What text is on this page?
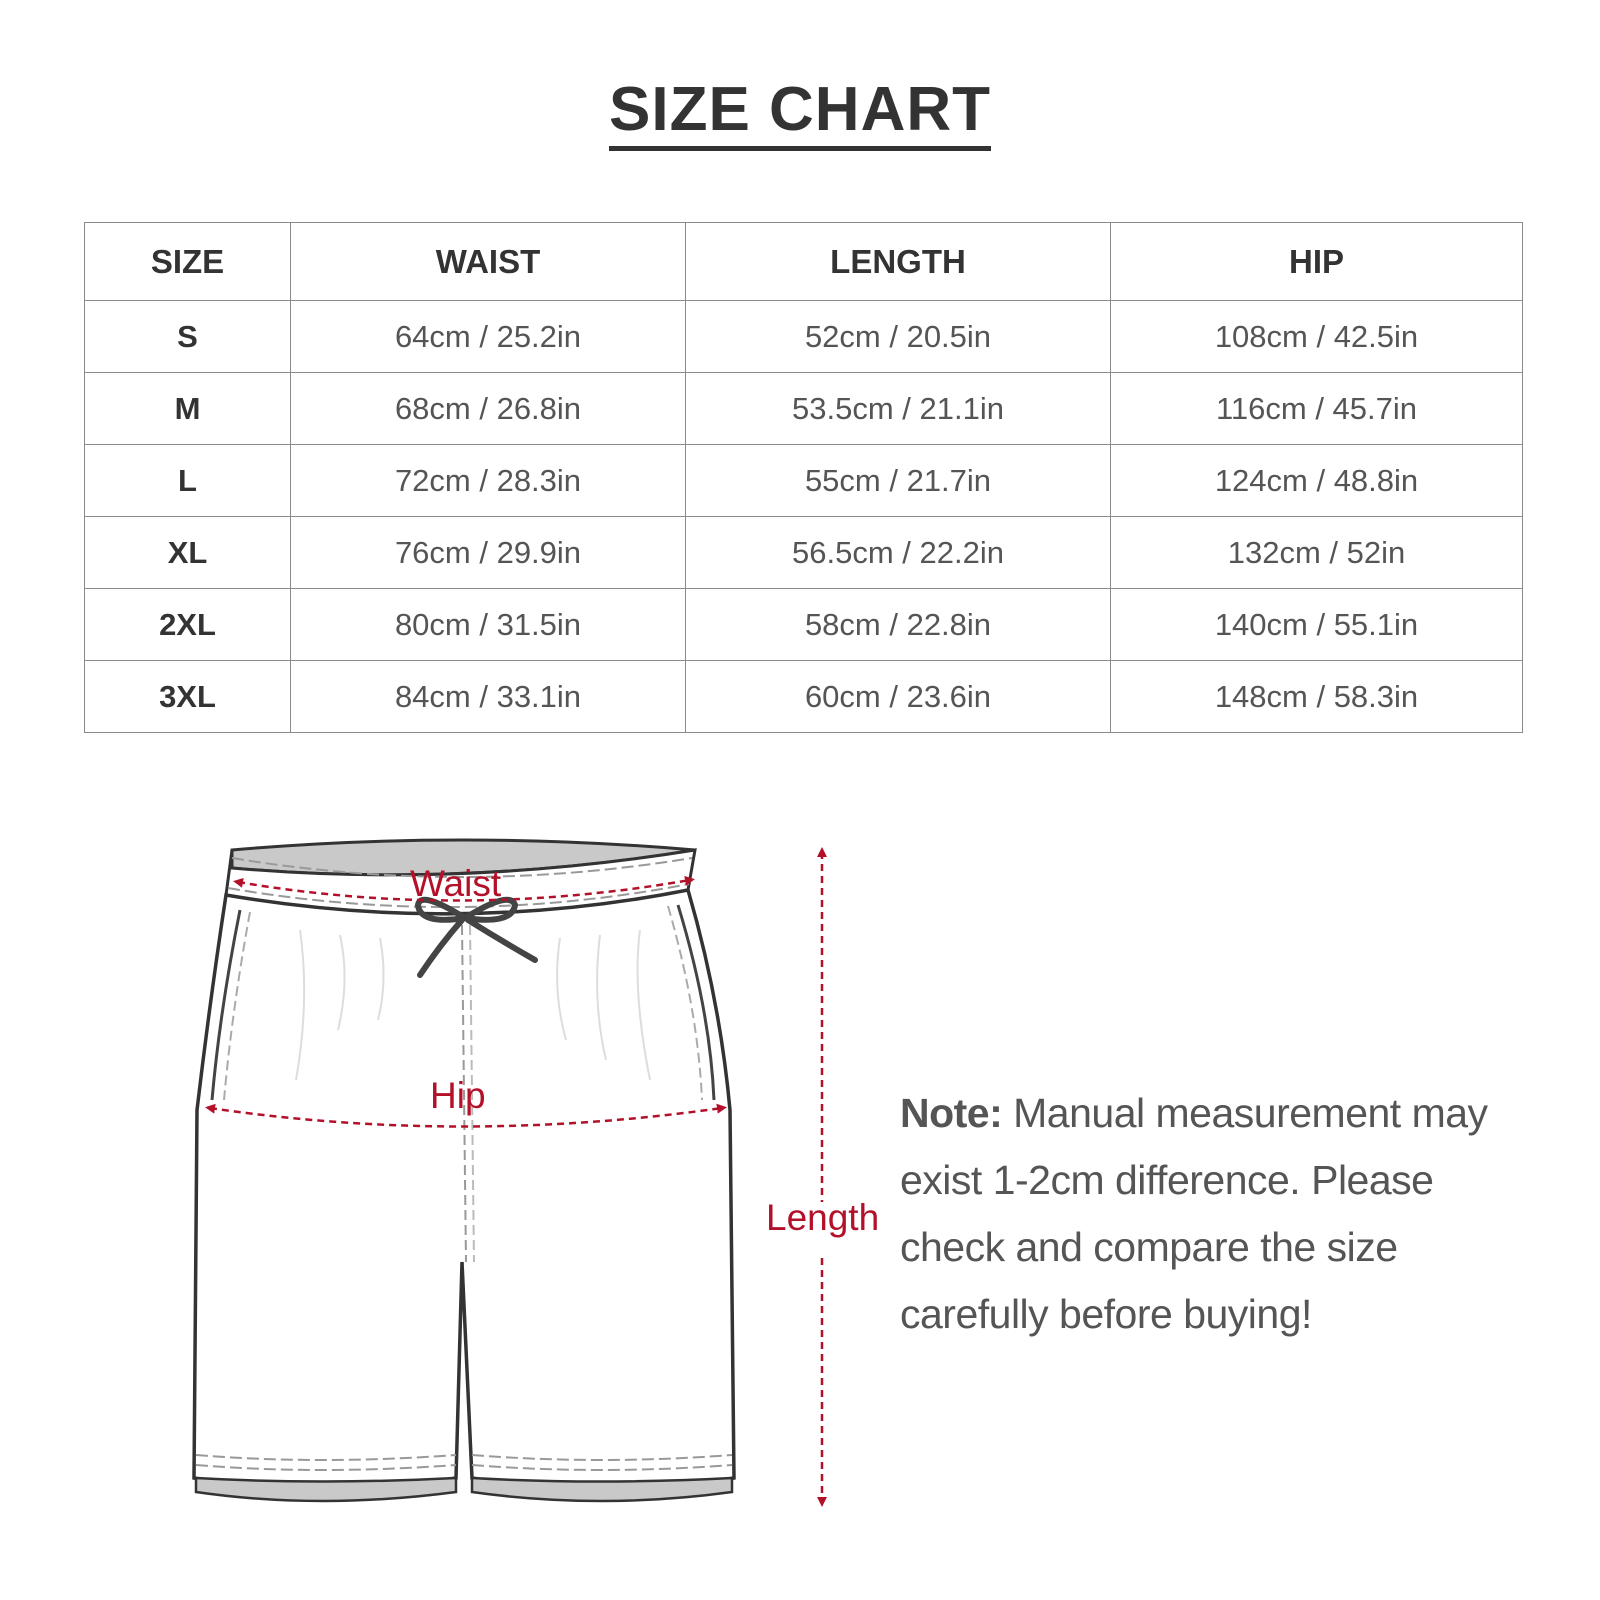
SIZE CHART
SIZE	WAIST	LENGTH	HIP
S	64cm / 25.2in	52cm / 20.5in	108cm / 42.5in
M	68cm / 26.8in	53.5cm / 21.1in	116cm / 45.7in
L	72cm / 28.3in	55cm / 21.7in	124cm / 48.8in
XL	76cm / 29.9in	56.5cm / 22.2in	132cm / 52in
2XL	80cm / 31.5in	58cm / 22.8in	140cm / 55.1in
3XL	84cm / 33.1in	60cm / 23.6in	148cm / 58.3in
Waist
Hip
Length
Note: Manual measurement may exist 1-2cm difference. Please check and compare the size carefully before buying!
